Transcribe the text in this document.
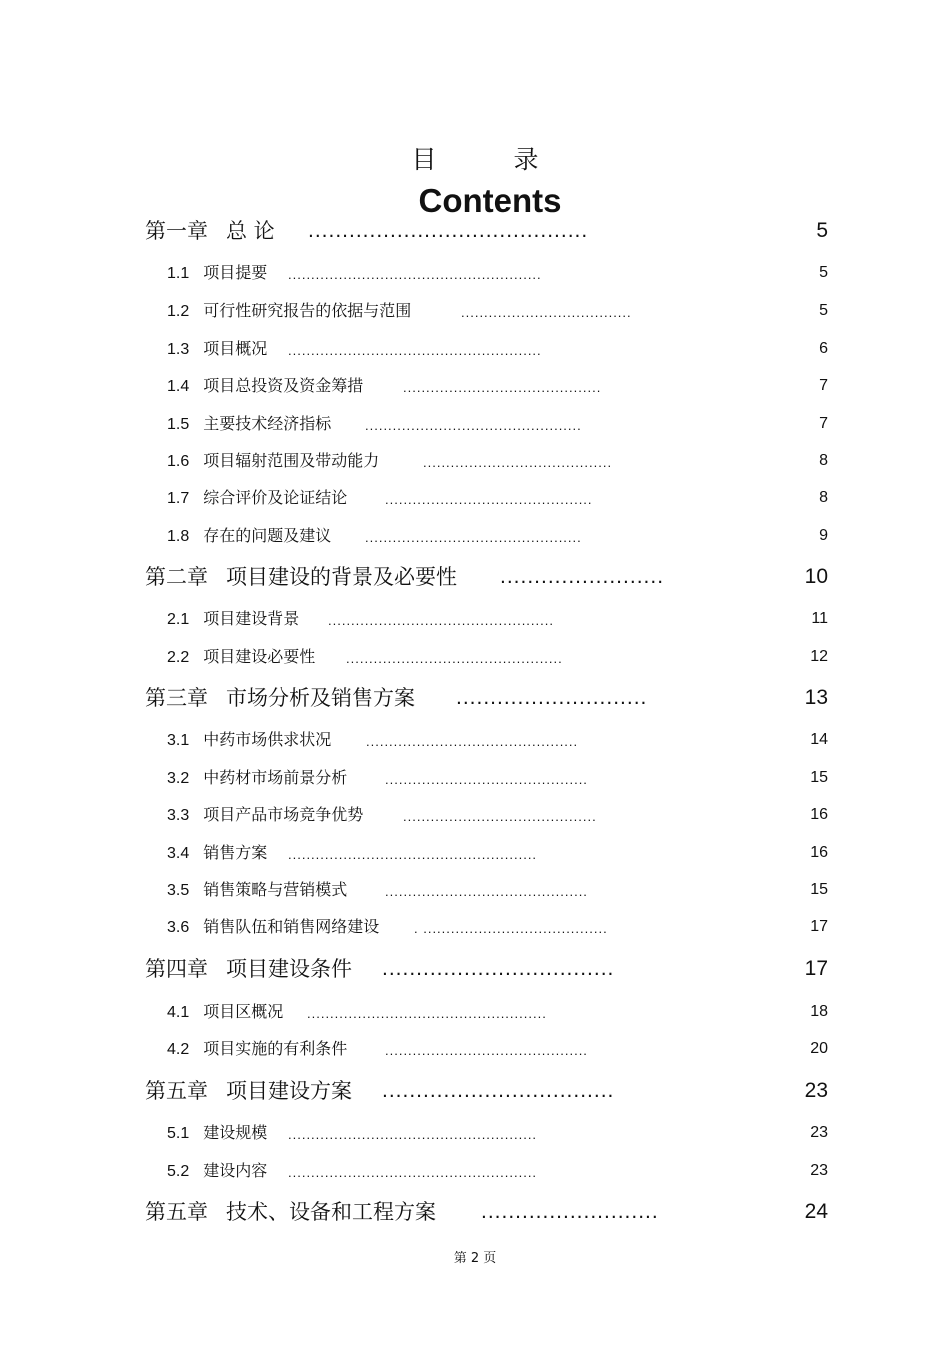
目　录
Contents
第一章 总 论 .........................................	5
1.1 项目提要 .......................................................	5
1.2 可行性研究报告的依据与范围	.....................................	5
1.3 项目概况 .......................................................	6
1.4 项目总投资及资金筹措	...........................................	7
1.5 主要技术经济指标	...............................................	7
1.6 项目辐射范围及带动能力	.........................................	8
1.7 综合评价及论证结论	.............................................	8
1.8 存在的问题及建议	...............................................	9
第二章 项目建设的背景及必要性 ........................	10
2.1 项目建设背景 .................................................	11
2.2 项目建设必要性 ...............................................	12
第三章 市场分析及销售方案 ............................	13
3.1 中药市场供求状况	..............................................	14
3.2 中药材市场前景分析	............................................	15
3.3 项目产品市场竞争优势	..........................................	16
3.4 销售方案 ......................................................	16
3.5 销售策略与营销模式	............................................	15
3.6 销售队伍和销售网络建设	. ........................................	17
第四章 项目建设条件 ..................................	17
4.1 项目区概况 ....................................................	18
4.2 项目实施的有利条件	............................................	20
第五章 项目建设方案 ..................................	23
5.1 建设规模 ......................................................	23
5.2 建设内容 ......................................................	23
第五章 技术、设备和工程方案 ..........................	24
第 2 页
